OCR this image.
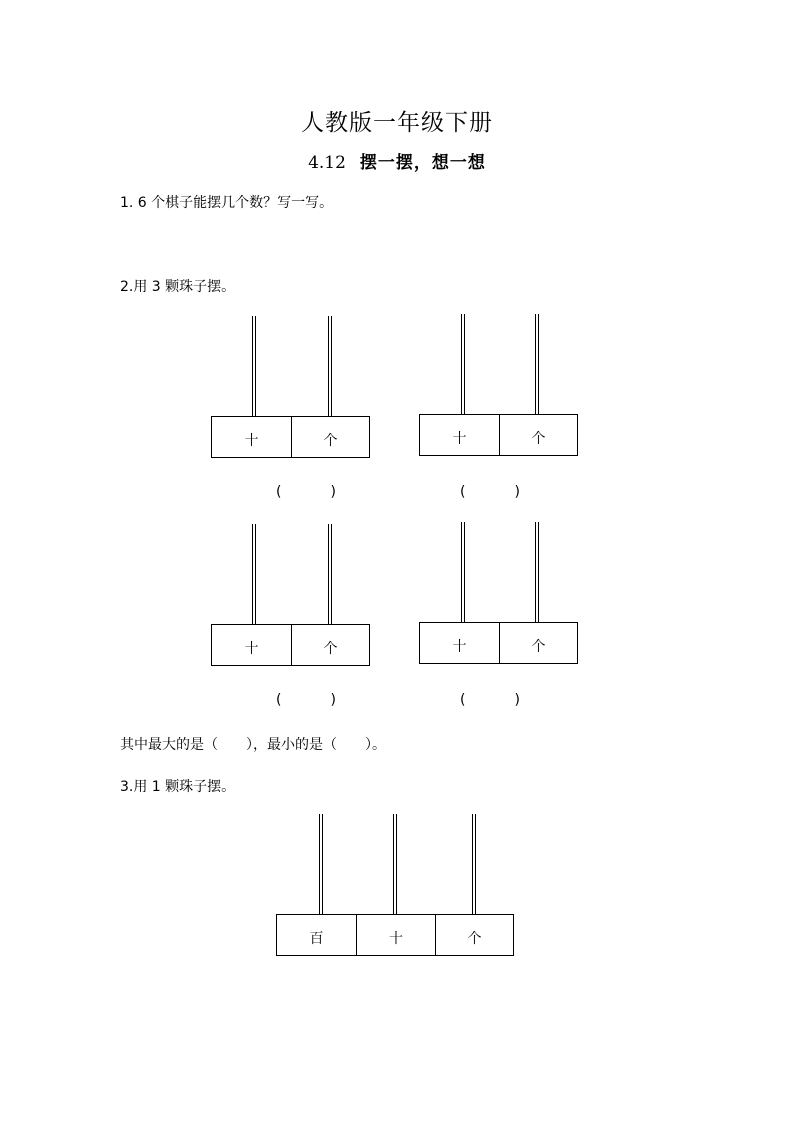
人教版一年级下册
4.12 摆一摆，想一想
1. 6 个棋子能摆几个数？写一写。
2.用 3 颗珠子摆。
十	个	十	个
(	)	(	)
十	个	十	个
(	)	(	)
其中最大的是（　　），最小的是（　　）。
3.用 1 颗珠子摆。
百	十	个
